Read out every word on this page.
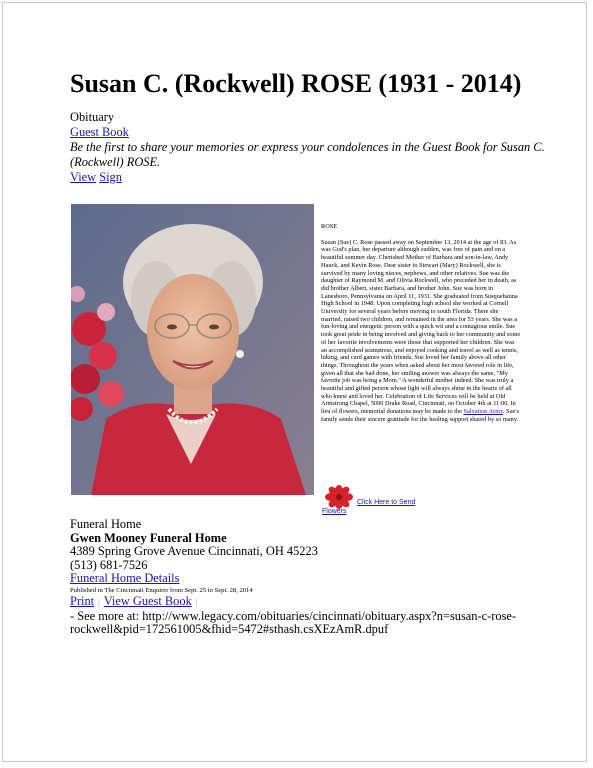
Susan C. (Rockwell) ROSE (1931 - 2014)
Obituary
Guest Book
Be the first to share your memories or express your condolences in the Guest Book for Susan C. (Rockwell) ROSE.
View Sign
ROSE
Susan (Sue) C. Rose passed away on September 13, 2014 at the age of 83. As was God's plan, her departure although sudden, was free of pain and on a beautiful summer day. Cherished Mother of Barbara and son-in-law, Andy Hauck, and Kevin Rose. Dear sister to Stewart (Mary) Rockwell, she is survived by many loving nieces, nephews, and other relatives. Sue was the daughter of Raymond M. and Olivia Rockwell, who preceded her in death, as did brother Albert, sister Barbara, and brother John. Sue was born in Lanesboro, Pennsylvania on April 11, 1931. She graduated from Susquehanna High School in 1948. Upon completing high school she worked at Cornell University for several years before moving to south Florida. There she married, raised two children, and remained in the area for 53 years. She was a fun-loving and energetic person with a quick wit and a contagious smile. Sue took great pride in being involved and giving back to her community and some of her favorite involvements were those that supported her children. She was an accomplished seamstress, and enjoyed cooking and travel as well as tennis, hiking, and card games with friends. Sue loved her family above all other things. Throughout the years when asked about her most favored role in life, given all that she had done, her smiling answer was always the same, "My favorite job was being a Mom." A wonderful mother indeed. She was truly a beautiful and gifted person whose light will always shine in the hearts of all who knew and loved her. Celebration of Life Services will be held at Old Armstrong Chapel, 5090 Drake Road, Cincinnati, on October 4th at 11:00. In lieu of flowers, memorial donations may be made to the Salvation Army. Sue's family sends their sincere gratitude for the healing support shared by so many.
Click Here to Send
Flowers
Funeral Home
Gwen Mooney Funeral Home
4389 Spring Grove Avenue Cincinnati, OH 45223
(513) 681-7526
Funeral Home Details
Published in The Cincinnati Enquirer from Sept. 25 to Sept. 28, 2014
Print | View Guest Book |
- See more at: http://www.legacy.com/obituaries/cincinnati/obituary.aspx?n=susan-c-rose-rockwell&pid=172561005&fhid=5472#sthash.csXEzAmR.dpuf
